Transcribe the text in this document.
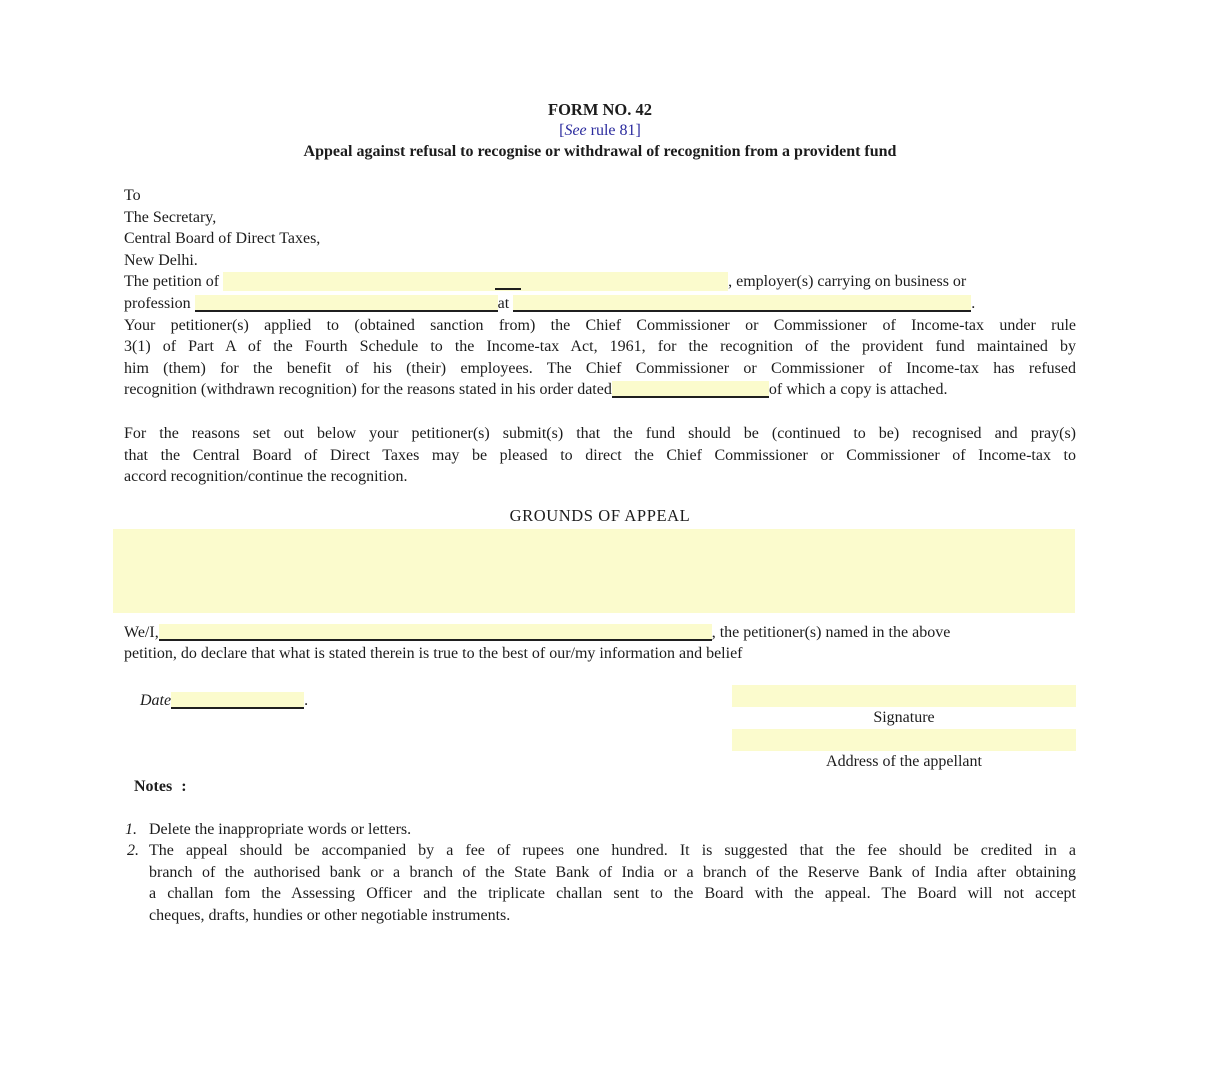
FORM NO. 42
[See rule 81]
Appeal against refusal to recognise or withdrawal of recognition from a provident fund
To
The Secretary,
Central Board of Direct Taxes,
New Delhi.
The petition of	, employer(s) carrying on business or
profession	at	.
Your petitioner(s) applied to (obtained sanction from) the Chief Commissioner or Commissioner of Income-tax under rule
3(1) of Part A of the Fourth Schedule to the Income-tax Act, 1961, for the recognition of the provident fund maintained by
him (them) for the benefit of his (their) employees. The Chief Commissioner or Commissioner of Income-tax has refused
recognition (withdrawn recognition) for the reasons stated in his order dated	of which a copy is attached.
For the reasons set out below your petitioner(s) submit(s) that the fund should be (continued to be) recognised and pray(s)
that the Central Board of Direct Taxes may be pleased to direct the Chief Commissioner or Commissioner of Income-tax to
accord recognition/continue the recognition.
GROUNDS OF APPEAL
We/I,	, the petitioner(s) named in the above
petition, do declare that what is stated therein is true to the best of our/my information and belief
Date	.
Signature
Address of the appellant
Notes :
1. Delete the inappropriate words or letters.
2. The appeal should be accompanied by a fee of rupees one hundred. It is suggested that the fee should be credited in a
branch of the authorised bank or a branch of the State Bank of India or a branch of the Reserve Bank of India after obtaining
a challan fom the Assessing Officer and the triplicate challan sent to the Board with the appeal. The Board will not accept
cheques, drafts, hundies or other negotiable instruments.
